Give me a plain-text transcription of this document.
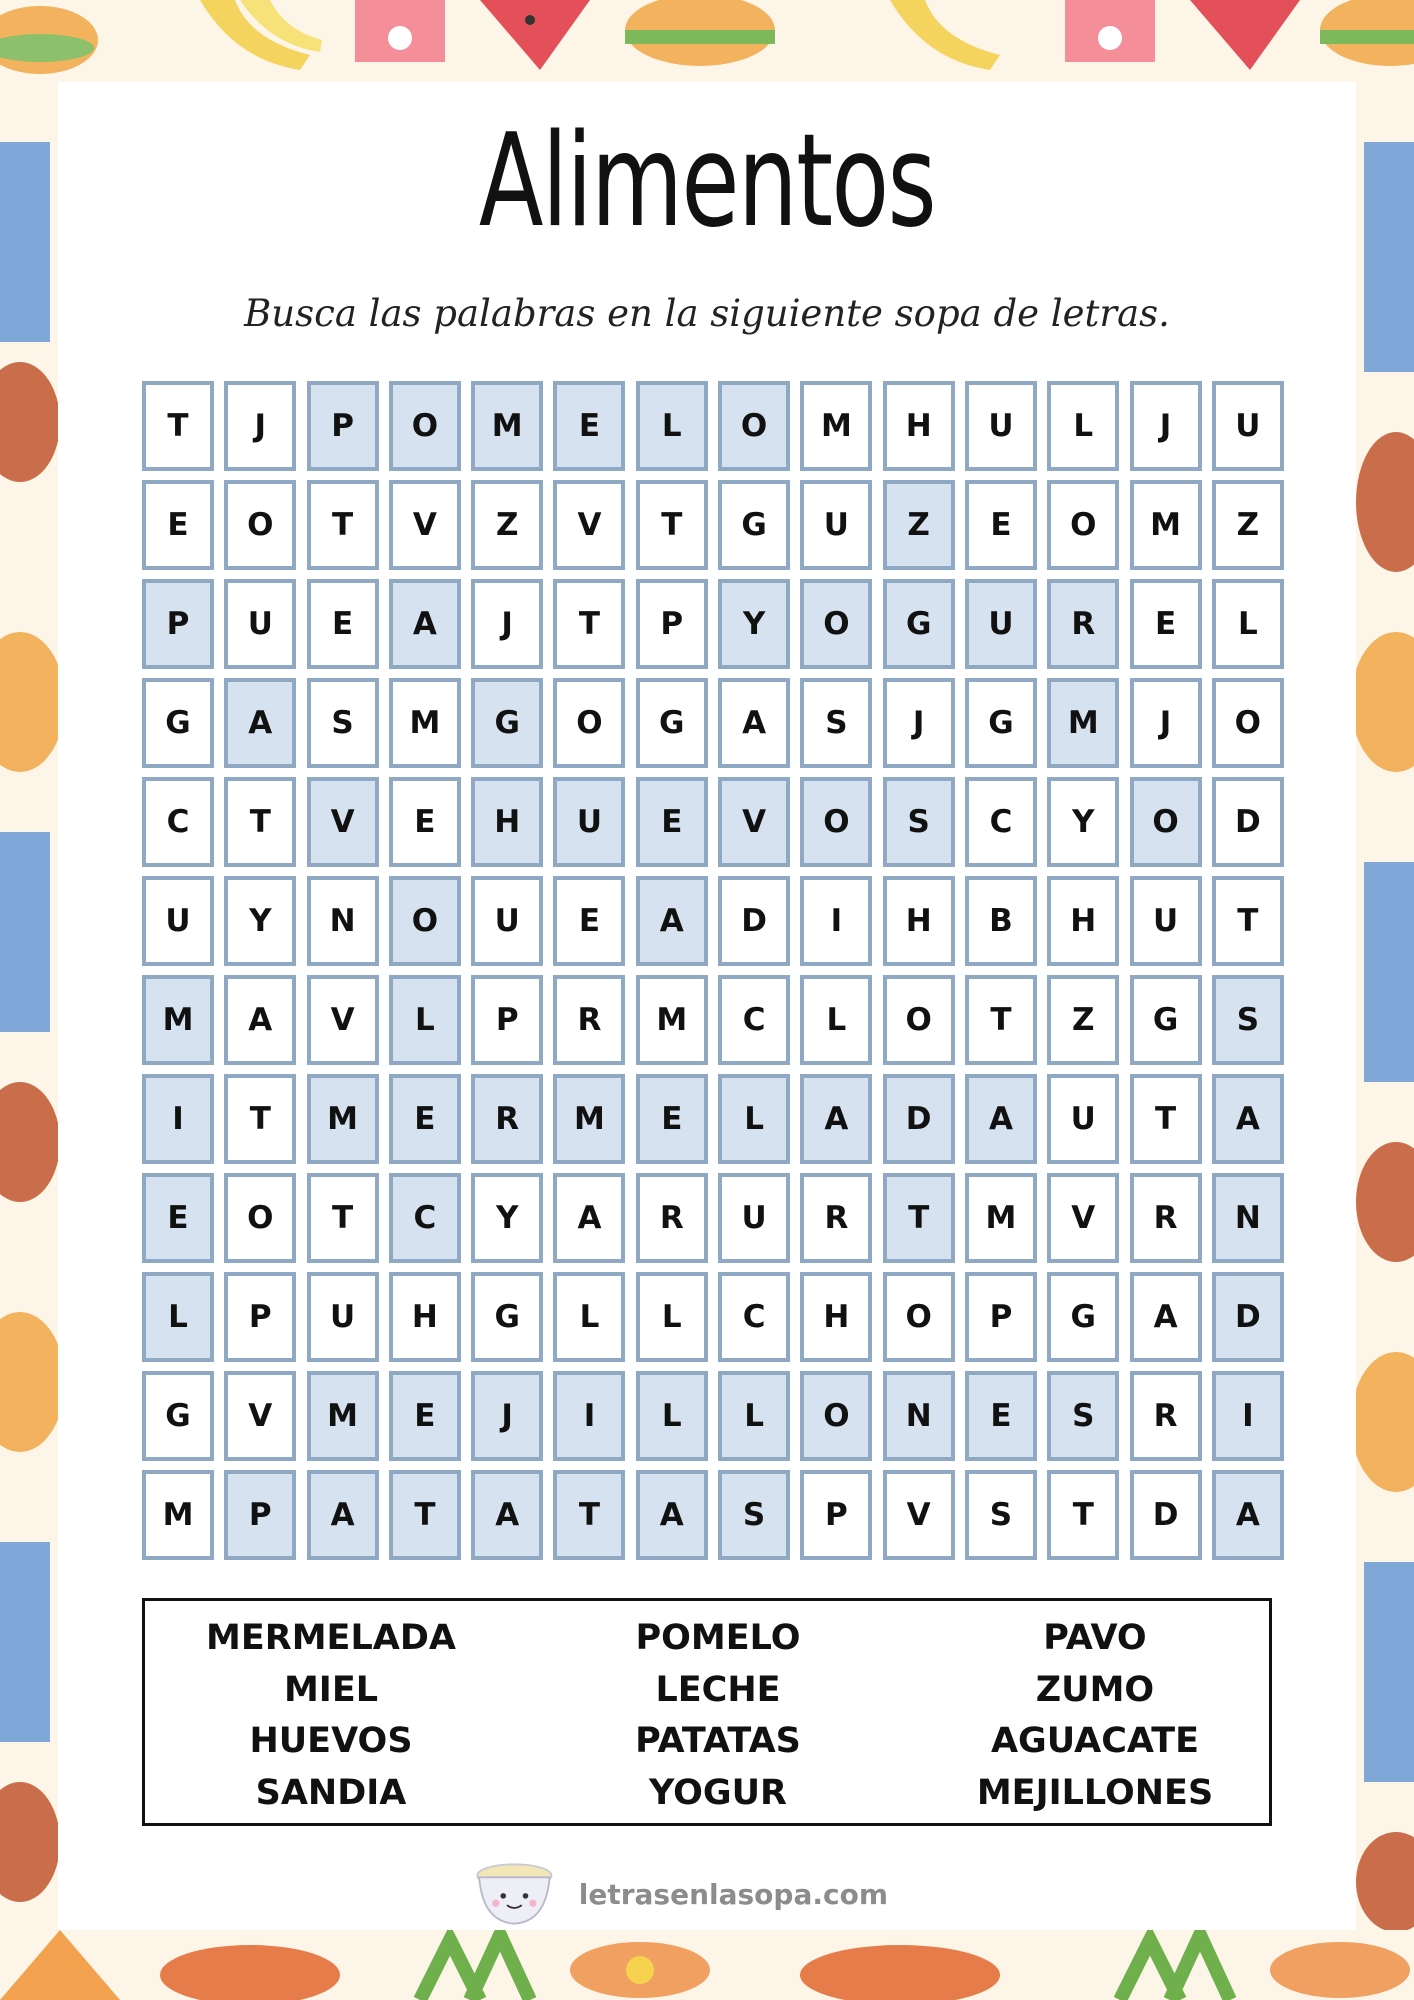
Alimentos
Busca las palabras en la siguiente sopa de letras.
T	J	P	O	M	E	L	O	M	H	U	L	J	U
E	O	T	V	Z	V	T	G	U	Z	E	O	M	Z
P	U	E	A	J	T	P	Y	O	G	U	R	E	L
G	A	S	M	G	O	G	A	S	J	G	M	J	O
C	T	V	E	H	U	E	V	O	S	C	Y	O	D
U	Y	N	O	U	E	A	D	I	H	B	H	U	T
M	A	V	L	P	R	M	C	L	O	T	Z	G	S
I	T	M	E	R	M	E	L	A	D	A	U	T	A
E	O	T	C	Y	A	R	U	R	T	M	V	R	N
L	P	U	H	G	L	L	C	H	O	P	G	A	D
G	V	M	E	J	I	L	L	O	N	E	S	R	I
M	P	A	T	A	T	A	S	P	V	S	T	D	A
MERMELADA
MIEL
HUEVOS
SANDIA
POMELO
LECHE
PATATAS
YOGUR
PAVO
ZUMO
AGUACATE
MEJILLONES
letrasenlasopa.com
